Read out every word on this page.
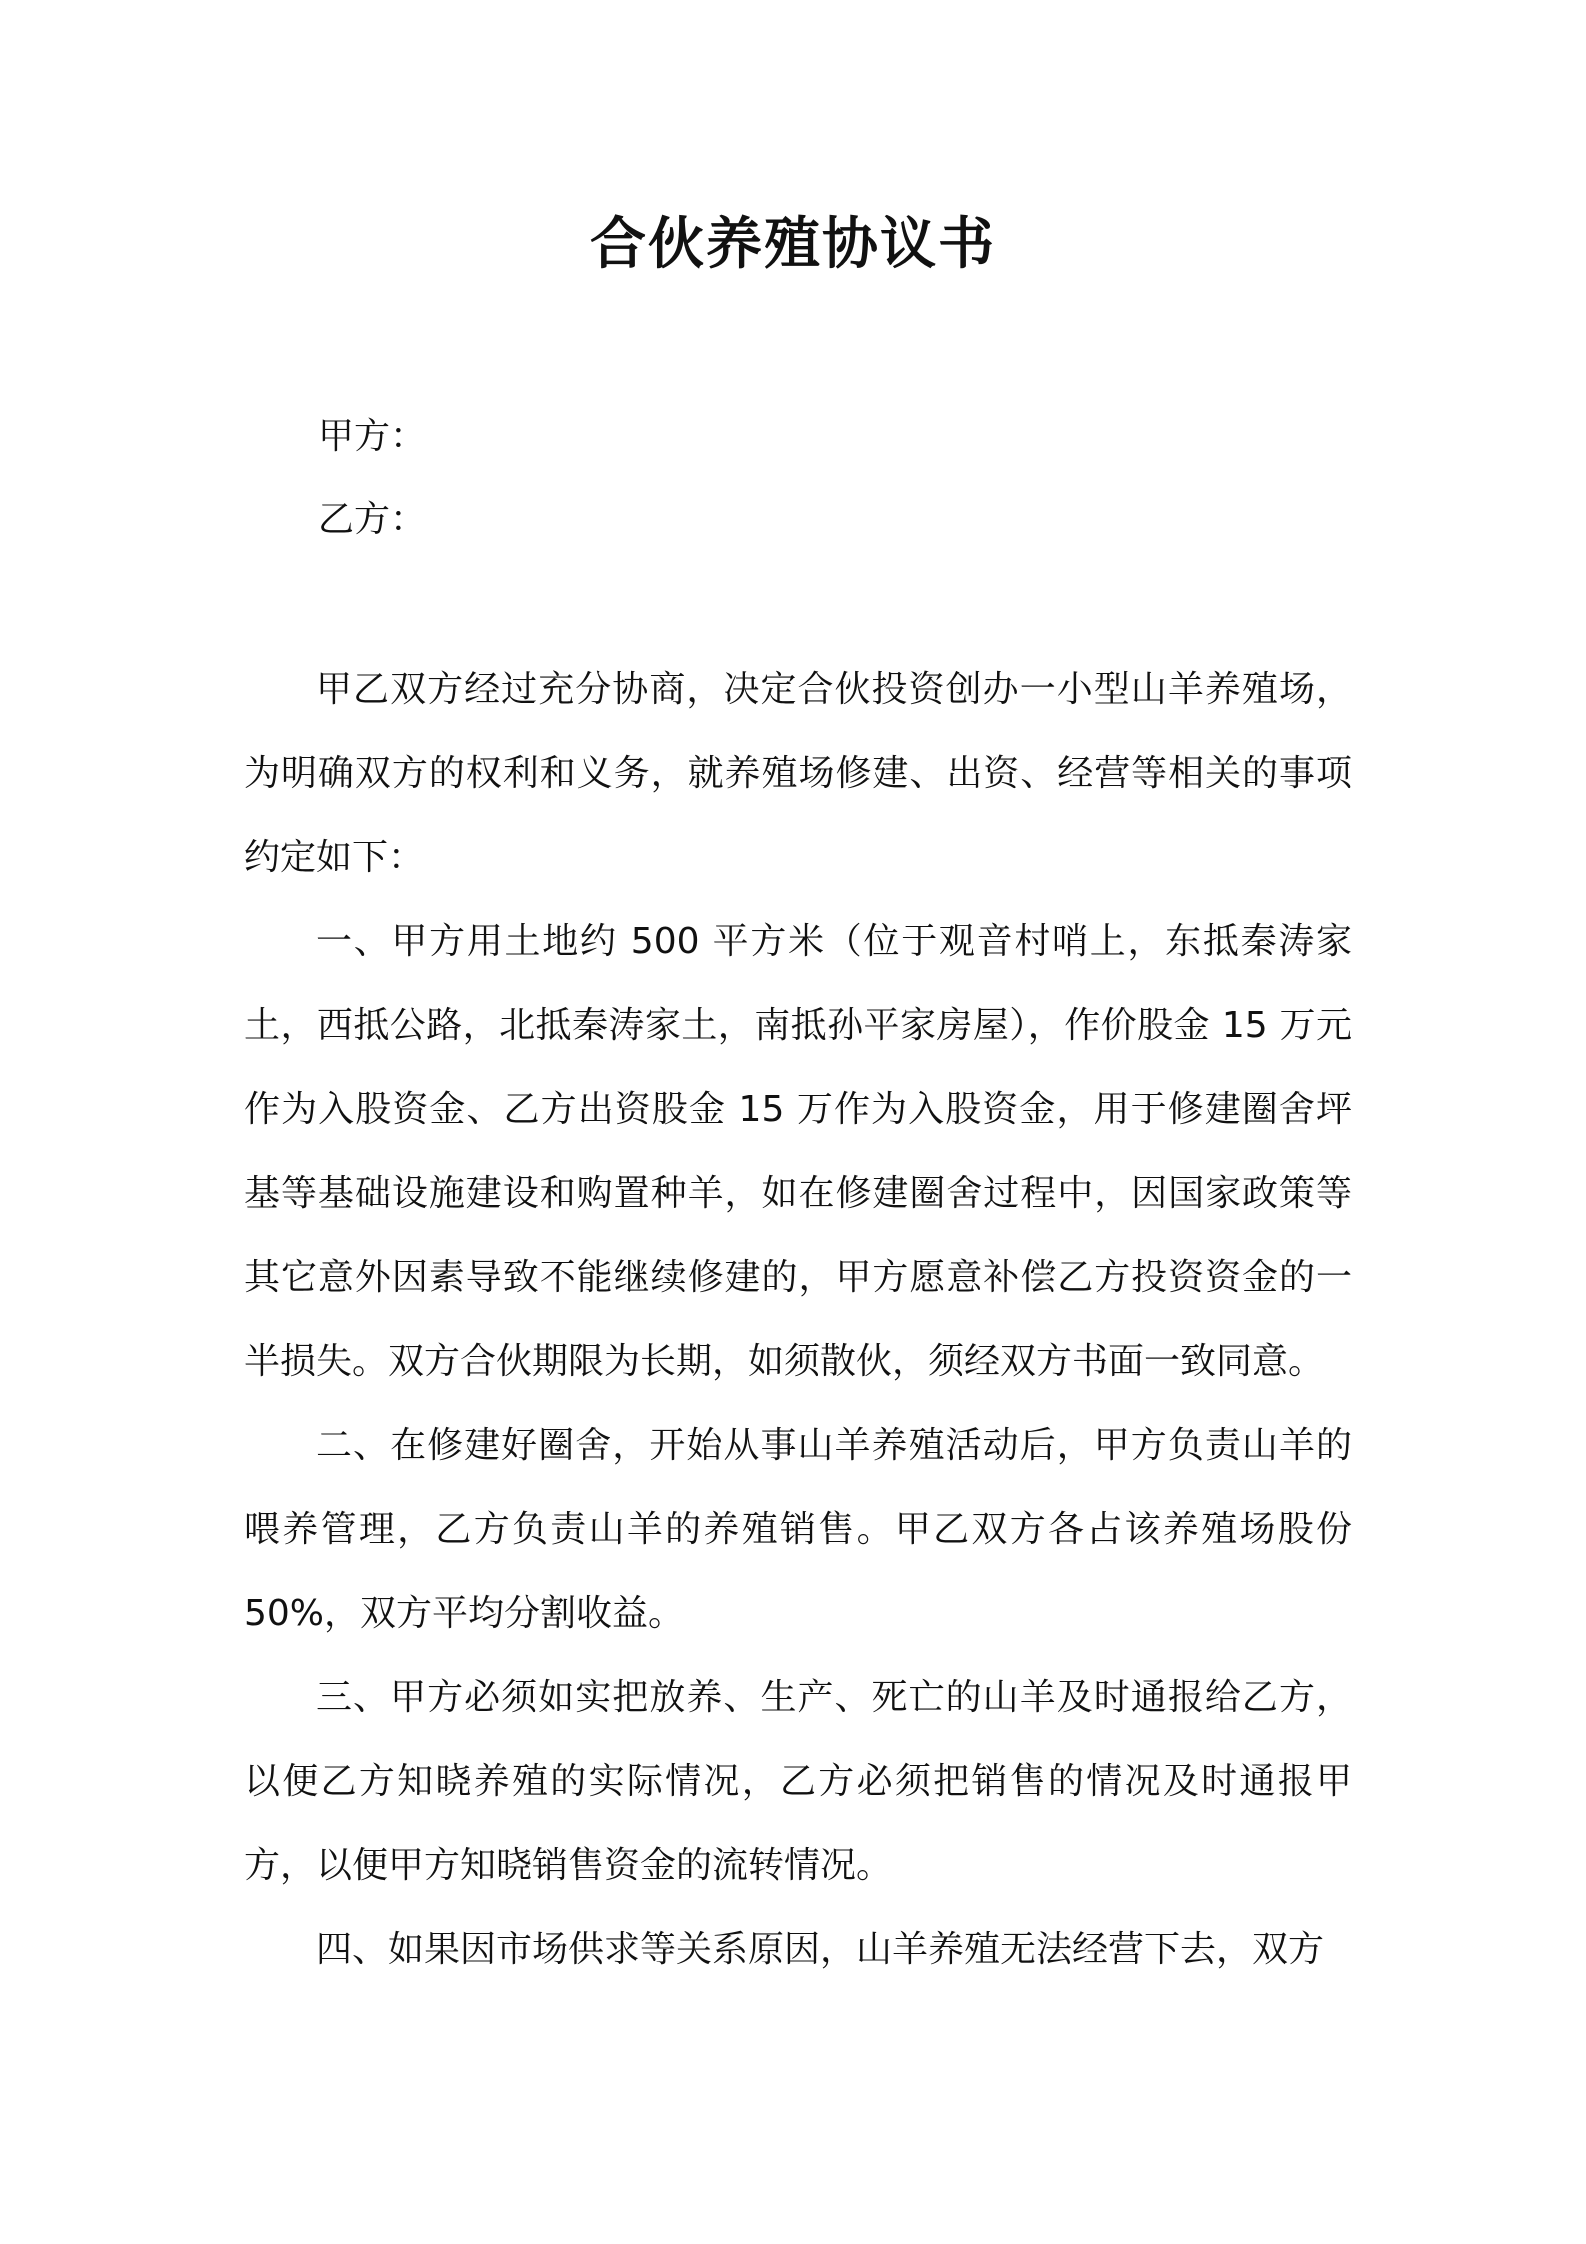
合伙养殖协议书
甲方：
乙方：

甲乙双方经过充分协商，决定合伙投资创办一小型山羊养殖场，为明确双方的权利和义务，就养殖场修建、出资、经营等相关的事项约定如下：

一、甲方用土地约 500 平方米（位于观音村哨上，东抵秦涛家土，西抵公路，北抵秦涛家土，南抵孙平家房屋），作价股金 15 万元作为入股资金、乙方出资股金 15 万作为入股资金，用于修建圈舍坪基等基础设施建设和购置种羊，如在修建圈舍过程中，因国家政策等其它意外因素导致不能继续修建的，甲方愿意补偿乙方投资资金的一半损失。双方合伙期限为长期，如须散伙，须经双方书面一致同意。

二、在修建好圈舍，开始从事山羊养殖活动后，甲方负责山羊的喂养管理，乙方负责山羊的养殖销售。甲乙双方各占该养殖场股份 50%，双方平均分割收益。

三、甲方必须如实把放养、生产、死亡的山羊及时通报给乙方，以便乙方知晓养殖的实际情况，乙方必须把销售的情况及时通报甲方，以便甲方知晓销售资金的流转情况。

四、如果因市场供求等关系原因，山羊养殖无法经营下去，双方
